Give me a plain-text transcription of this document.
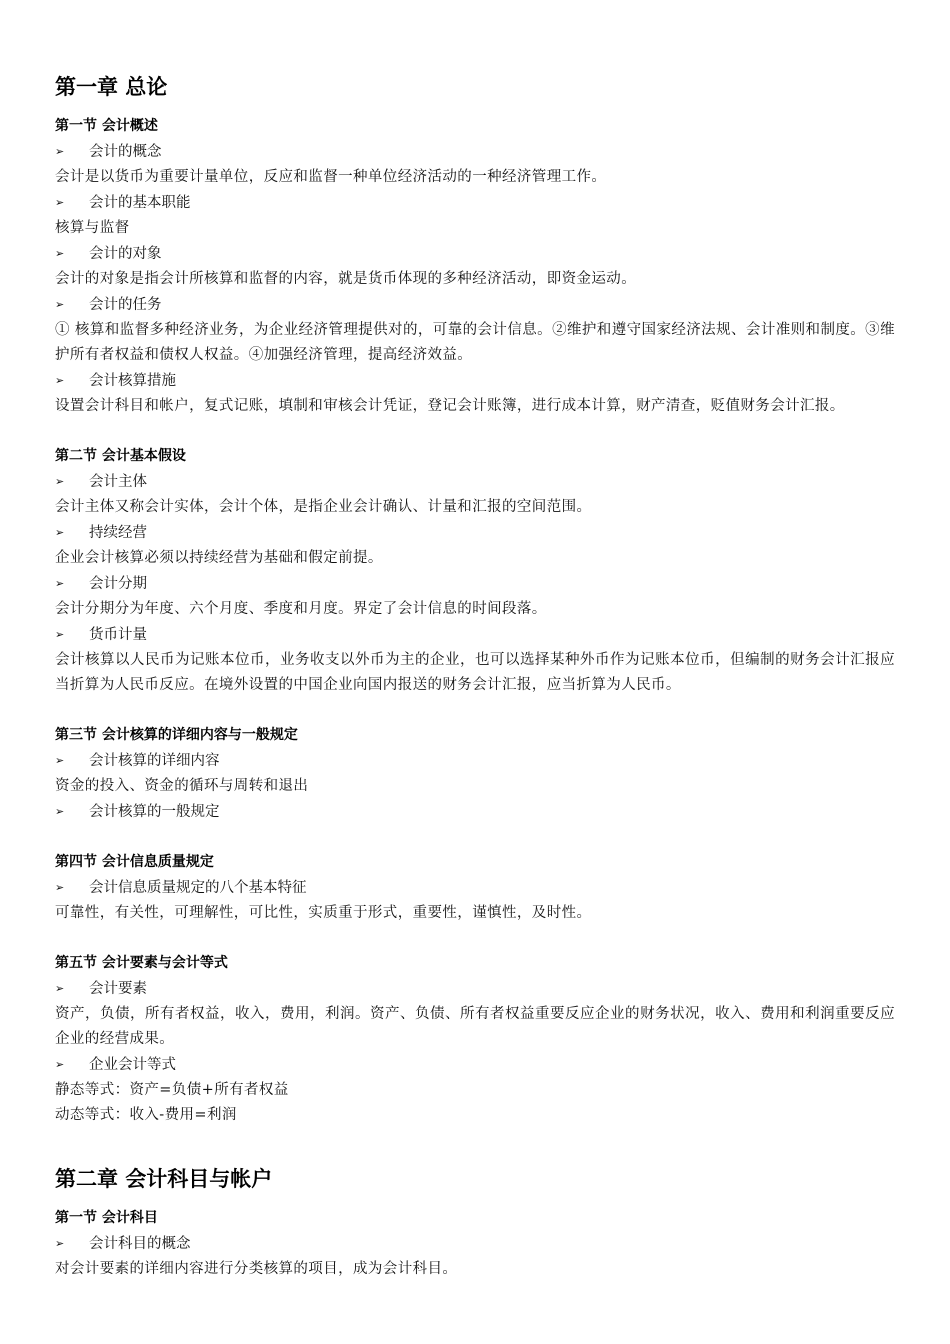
第一章 总论
第一节 会计概述
➢ 会计的概念
会计是以货币为重要计量单位，反应和监督一种单位经济活动的一种经济管理工作。
➢ 会计的基本职能
核算与监督
➢ 会计的对象
会计的对象是指会计所核算和监督的内容，就是货币体现的多种经济活动，即资金运动。
➢ 会计的任务
① 核算和监督多种经济业务，为企业经济管理提供对的，可靠的会计信息。②维护和遵守国家经济法规、会计准则和制度。③维护所有者权益和债权人权益。④加强经济管理，提高经济效益。
➢ 会计核算措施
设置会计科目和帐户，复式记账，填制和审核会计凭证，登记会计账簿，进行成本计算，财产清查，贬值财务会计汇报。
第二节 会计基本假设
➢ 会计主体
会计主体又称会计实体，会计个体，是指企业会计确认、计量和汇报的空间范围。
➢ 持续经营
企业会计核算必须以持续经营为基础和假定前提。
➢ 会计分期
会计分期分为年度、六个月度、季度和月度。界定了会计信息的时间段落。
➢ 货币计量
会计核算以人民币为记账本位币，业务收支以外币为主的企业，也可以选择某种外币作为记账本位币，但编制的财务会计汇报应当折算为人民币反应。在境外设置的中国企业向国内报送的财务会计汇报，应当折算为人民币。
第三节 会计核算的详细内容与一般规定
➢ 会计核算的详细内容
资金的投入、资金的循环与周转和退出
➢ 会计核算的一般规定
第四节 会计信息质量规定
➢ 会计信息质量规定的八个基本特征
可靠性，有关性，可理解性，可比性，实质重于形式，重要性，谨慎性，及时性。
第五节 会计要素与会计等式
➢ 会计要素
资产，负债，所有者权益，收入，费用，利润。资产、负债、所有者权益重要反应企业的财务状况，收入、费用和利润重要反应企业的经营成果。
➢ 企业会计等式
静态等式：资产=负债+所有者权益
动态等式：收入-费用=利润
第二章 会计科目与帐户
第一节 会计科目
➢ 会计科目的概念
对会计要素的详细内容进行分类核算的项目，成为会计科目。
